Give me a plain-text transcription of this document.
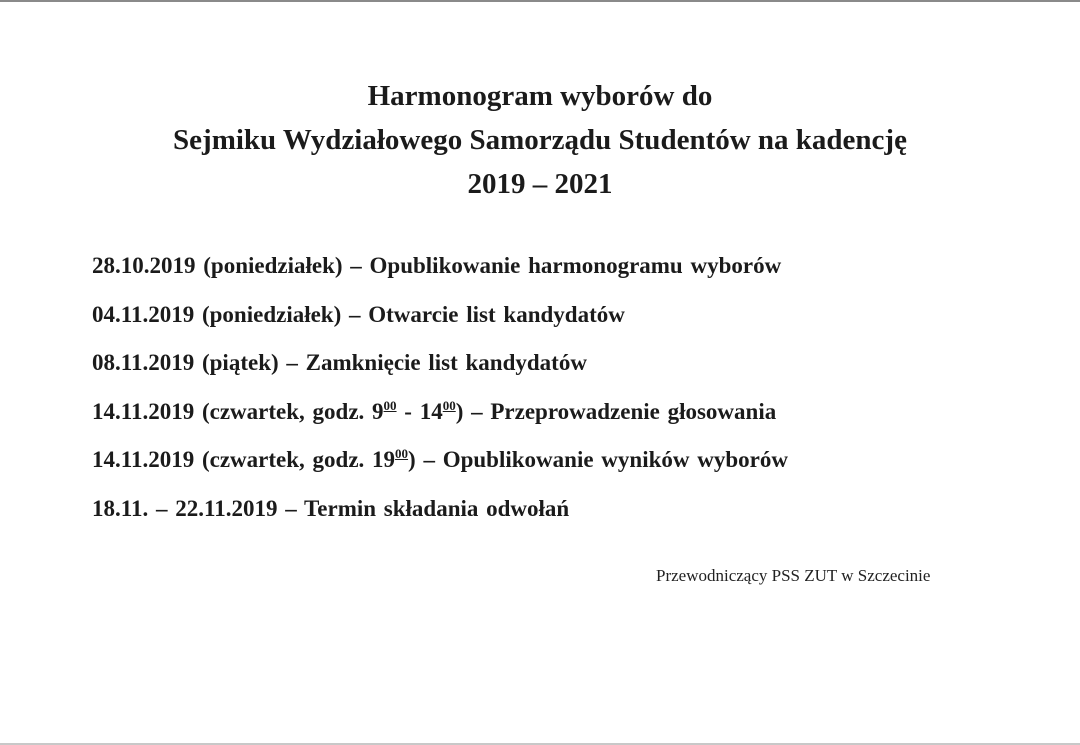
Harmonogram wyborów do
Sejmiku Wydziałowego Samorządu Studentów na kadencję
2019 – 2021
28.10.2019 (poniedziałek) – Opublikowanie harmonogramu wyborów
04.11.2019 (poniedziałek) – Otwarcie list kandydatów
08.11.2019 (piątek) – Zamknięcie list kandydatów
14.11.2019 (czwartek, godz. $9^{00} - 14^{00}$) – Przeprowadzenie głosowania
14.11.2019 (czwartek, godz. $19^{00}$) – Opublikowanie wyników wyborów
18.11. – 22.11.2019 – Termin składania odwołań
Przewodniczący PSS ZUT w Szczecinie
